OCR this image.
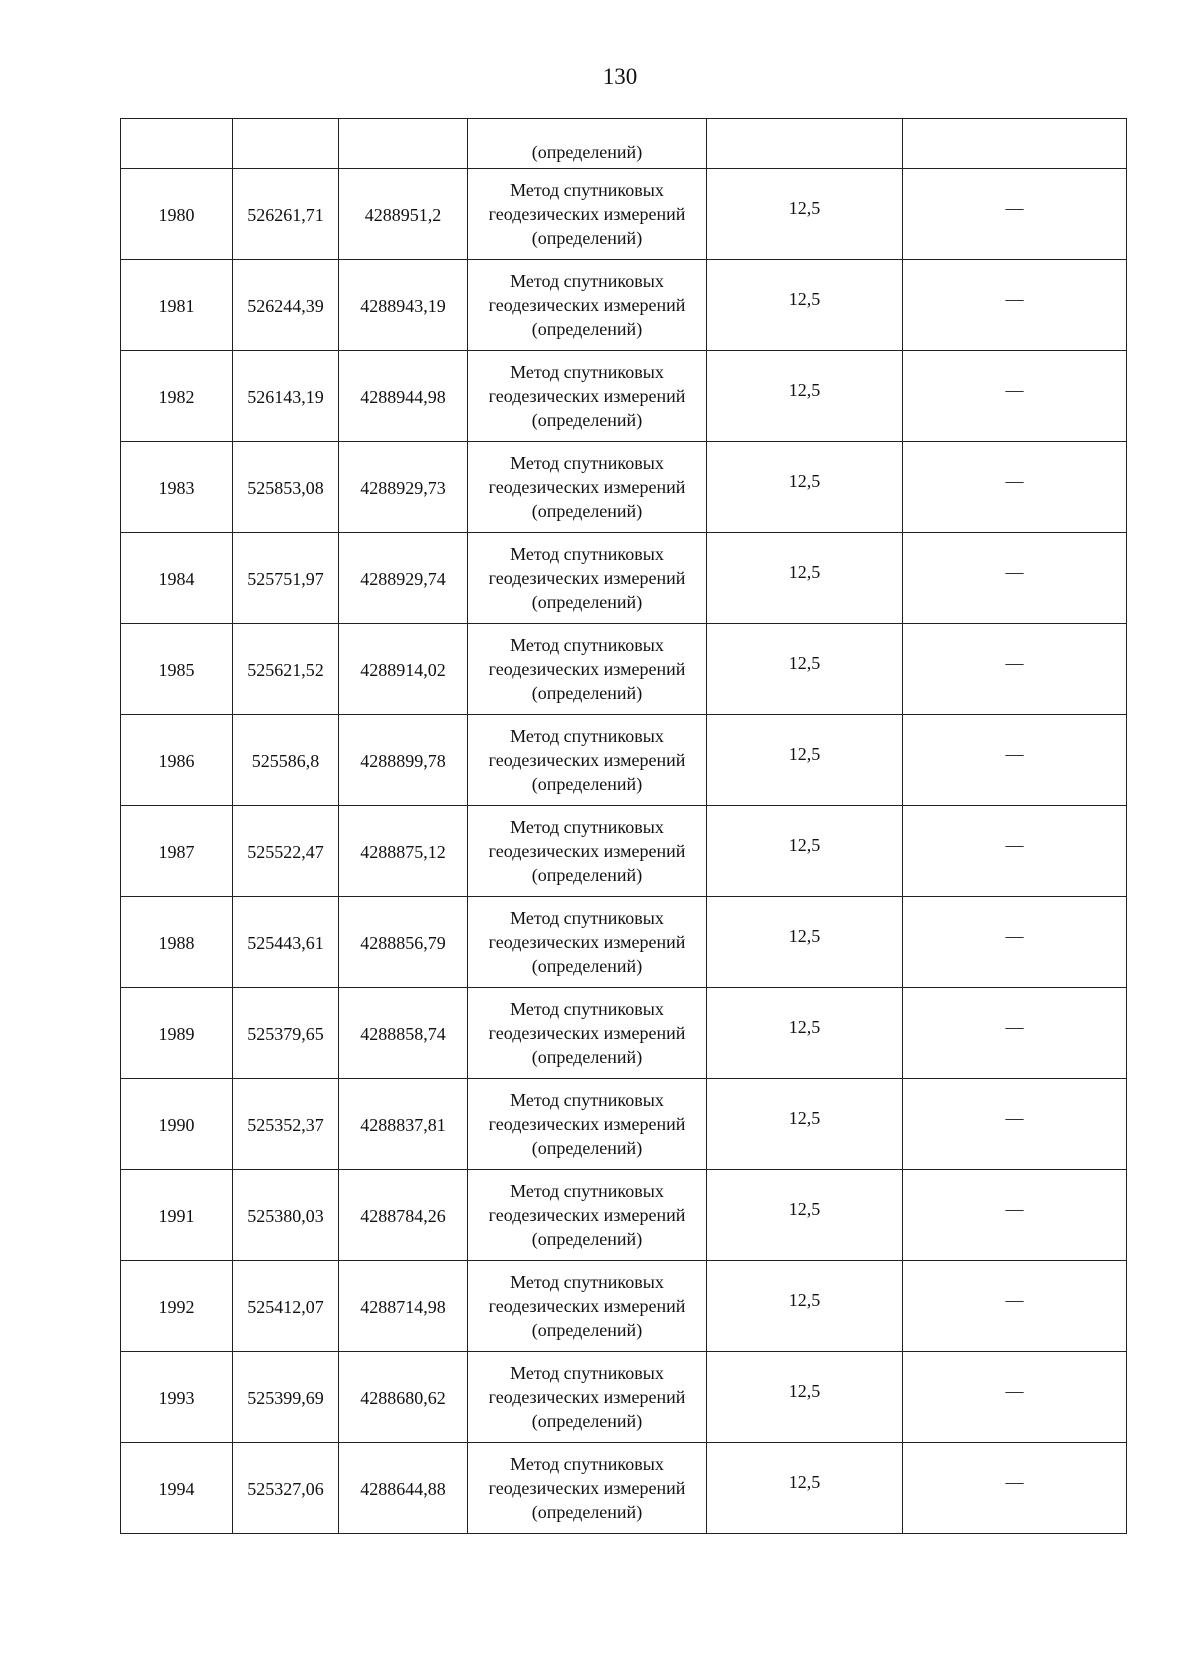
130
			(определений)		
1980	526261,71	4288951,2	Метод спутниковых геодезических измерений (определений)	12,5	—
1981	526244,39	4288943,19	Метод спутниковых геодезических измерений (определений)	12,5	—
1982	526143,19	4288944,98	Метод спутниковых геодезических измерений (определений)	12,5	—
1983	525853,08	4288929,73	Метод спутниковых геодезических измерений (определений)	12,5	—
1984	525751,97	4288929,74	Метод спутниковых геодезических измерений (определений)	12,5	—
1985	525621,52	4288914,02	Метод спутниковых геодезических измерений (определений)	12,5	—
1986	525586,8	4288899,78	Метод спутниковых геодезических измерений (определений)	12,5	—
1987	525522,47	4288875,12	Метод спутниковых геодезических измерений (определений)	12,5	—
1988	525443,61	4288856,79	Метод спутниковых геодезических измерений (определений)	12,5	—
1989	525379,65	4288858,74	Метод спутниковых геодезических измерений (определений)	12,5	—
1990	525352,37	4288837,81	Метод спутниковых геодезических измерений (определений)	12,5	—
1991	525380,03	4288784,26	Метод спутниковых геодезических измерений (определений)	12,5	—
1992	525412,07	4288714,98	Метод спутниковых геодезических измерений (определений)	12,5	—
1993	525399,69	4288680,62	Метод спутниковых геодезических измерений (определений)	12,5	—
1994	525327,06	4288644,88	Метод спутниковых геодезических измерений (определений)	12,5	—
